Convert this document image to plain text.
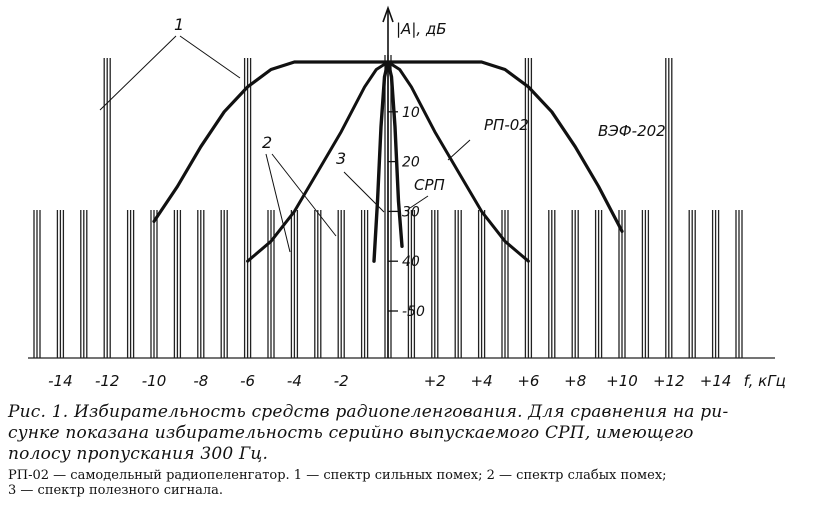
10
20
30
40
-50
|A|, дБ
-14 -12 -10 -8 -6 -4 -2	+2 +4 +6 +8 +10 +12 +14 f, кГц
ВЭФ-202
РП-02
СРП
1
2
3
Рис. 1. Избирательность средств радиопеленгования. Для сравнения на ри-
сунке показана избирательность серийно выпускаемого СРП, имеющего
полосу пропускания 300 Гц.
РП-02 — самодельный радиопеленгатор. 1 — спектр сильных помех; 2 — спектр слабых помех;
3 — спектр полезного сигнала.
